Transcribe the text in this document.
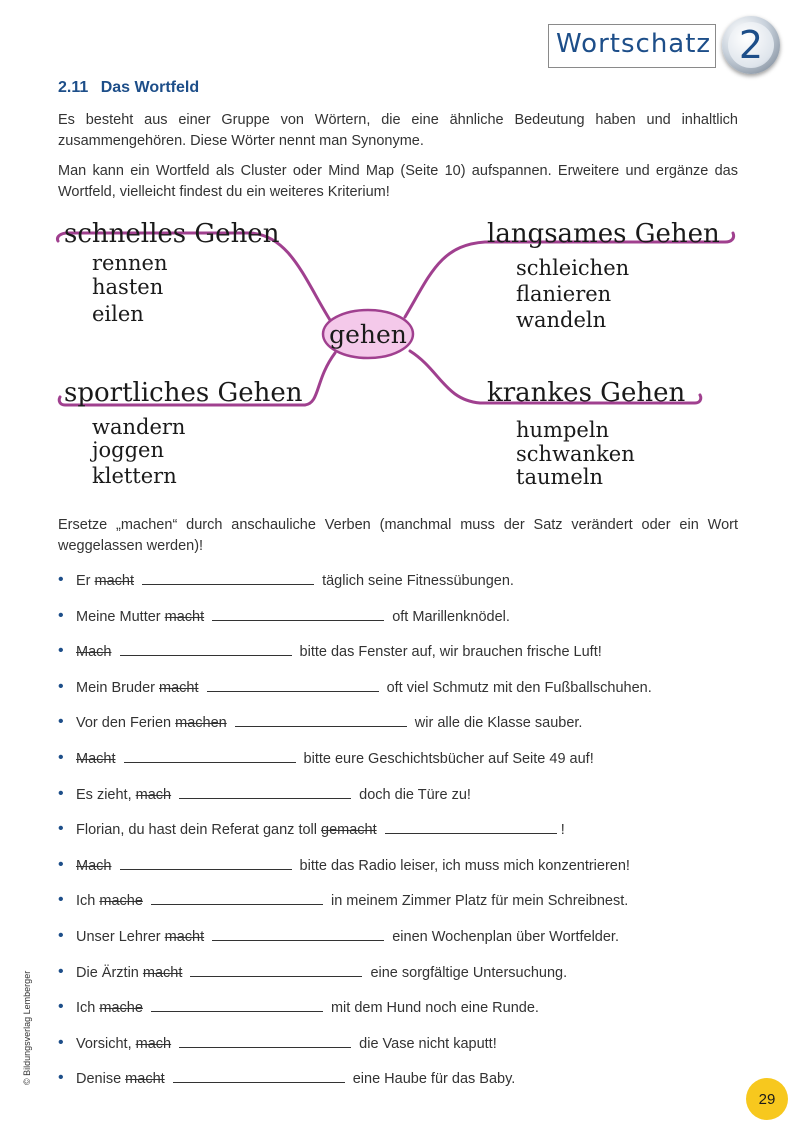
Wortschatz 2
2.11 Das Wortfeld
Es besteht aus einer Gruppe von Wörtern, die eine ähnliche Bedeutung haben und inhaltlich zusammengehören. Diese Wörter nennt man Synonyme.
Man kann ein Wortfeld als Cluster oder Mind Map (Seite 10) aufspannen. Erweitere und ergänze das Wortfeld, vielleicht findest du ein weiteres Kriterium!
gehen
schnelles Gehen
rennen
hasten
eilen
langsames Gehen
schleichen
flanieren
wandeln
sportliches Gehen
wandern
joggen
klettern
krankes Gehen
humpeln
schwanken
taumeln
Ersetze „machen“ durch anschauliche Verben (manchmal muss der Satz verändert oder ein Wort weggelassen werden)!
• Er macht	täglich seine Fitnessübungen.
• Meine Mutter macht	oft Marillenknödel.
• Mach	bitte das Fenster auf, wir brauchen frische Luft!
• Mein Bruder macht	oft viel Schmutz mit den Fußballschuhen.
• Vor den Ferien machen	wir alle die Klasse sauber.
• Macht	bitte eure Geschichtsbücher auf Seite 49 auf!
• Es zieht, mach	doch die Türe zu!
• Florian, du hast dein Referat ganz toll gemacht	!
• Mach	bitte das Radio leiser, ich muss mich konzentrieren!
• Ich mache	in meinem Zimmer Platz für mein Schreibnest.
• Unser Lehrer macht	einen Wochenplan über Wortfelder.
• Die Ärztin macht	eine sorgfältige Untersuchung.
• Ich mache	mit dem Hund noch eine Runde.
• Vorsicht, mach	die Vase nicht kaputt!
• Denise macht	eine Haube für das Baby.
© Bildungsverlag Lemberger
29
